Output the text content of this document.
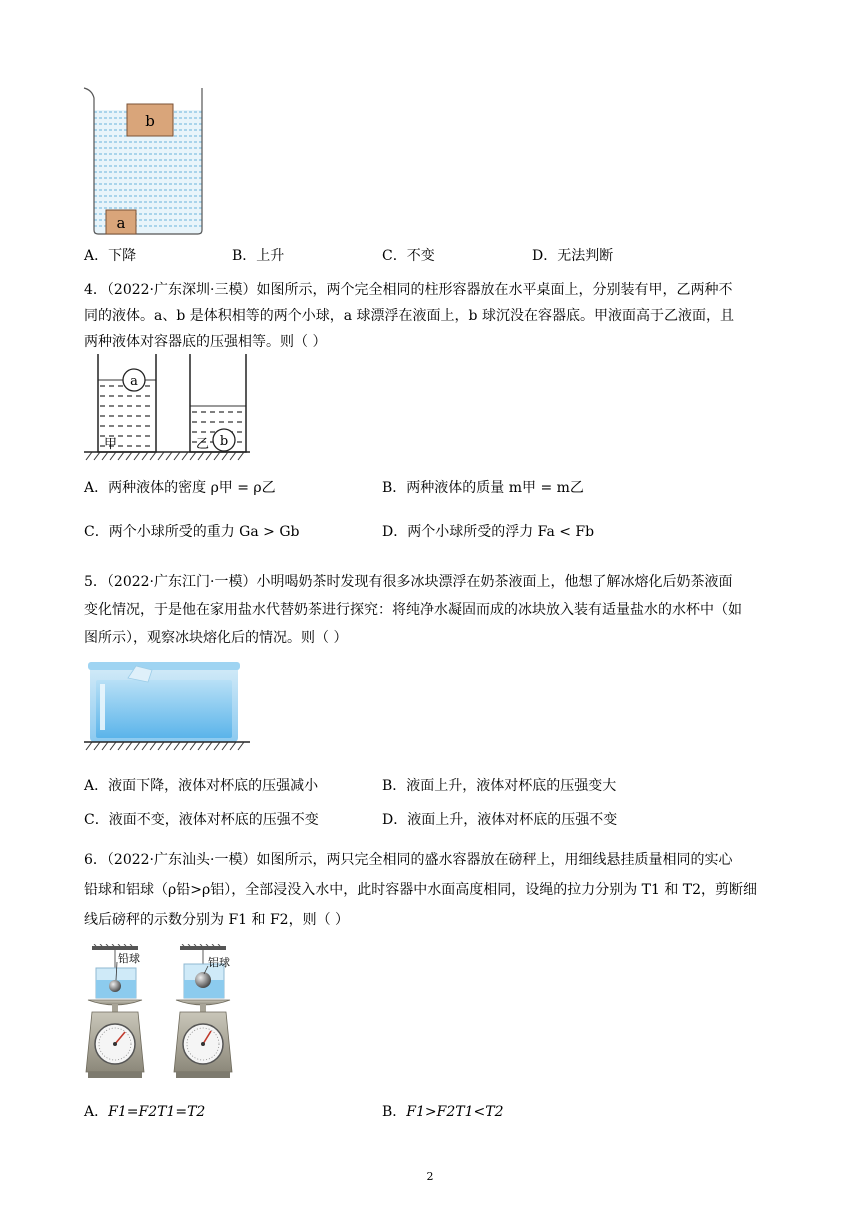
b
a
A．下降	B．上升	C．不变	D．无法判断
4．（2022·广东深圳·三模）如图所示，两个完全相同的柱形容器放在水平桌面上，分别装有甲，乙两种不
同的液体。a、b 是体积相等的两个小球，a 球漂浮在液面上，b 球沉没在容器底。甲液面高于乙液面，且
两种液体对容器底的压强相等。则（ ）
a
甲	b
乙
A．两种液体的密度 ρ甲 = ρ乙	B．两种液体的质量 m甲 = m乙
C．两个小球所受的重力 Ga > Gb	D．两个小球所受的浮力 Fa < Fb
5．（2022·广东江门·一模）小明喝奶茶时发现有很多冰块漂浮在奶茶液面上，他想了解冰熔化后奶茶液面
变化情况，于是他在家用盐水代替奶茶进行探究：将纯净水凝固而成的冰块放入装有适量盐水的水杯中（如
图所示），观察冰块熔化后的情况。则（ ）
A．液面下降，液体对杯底的压强减小	B．液面上升，液体对杯底的压强变大
C．液面不变，液体对杯底的压强不变	D．液面上升，液体对杯底的压强不变
6．（2022·广东汕头·一模）如图所示，两只完全相同的盛水容器放在磅秤上，用细线悬挂质量相同的实心
铅球和铝球（ρ铅>ρ铝），全部浸没入水中，此时容器中水面高度相同，设绳的拉力分别为 T1 和 T2，剪断细
线后磅秤的示数分别为 F1 和 F2，则（ ）
铅球	铝球
A．F1=F2T1=T2	B．F1>F2T1<T2
2
